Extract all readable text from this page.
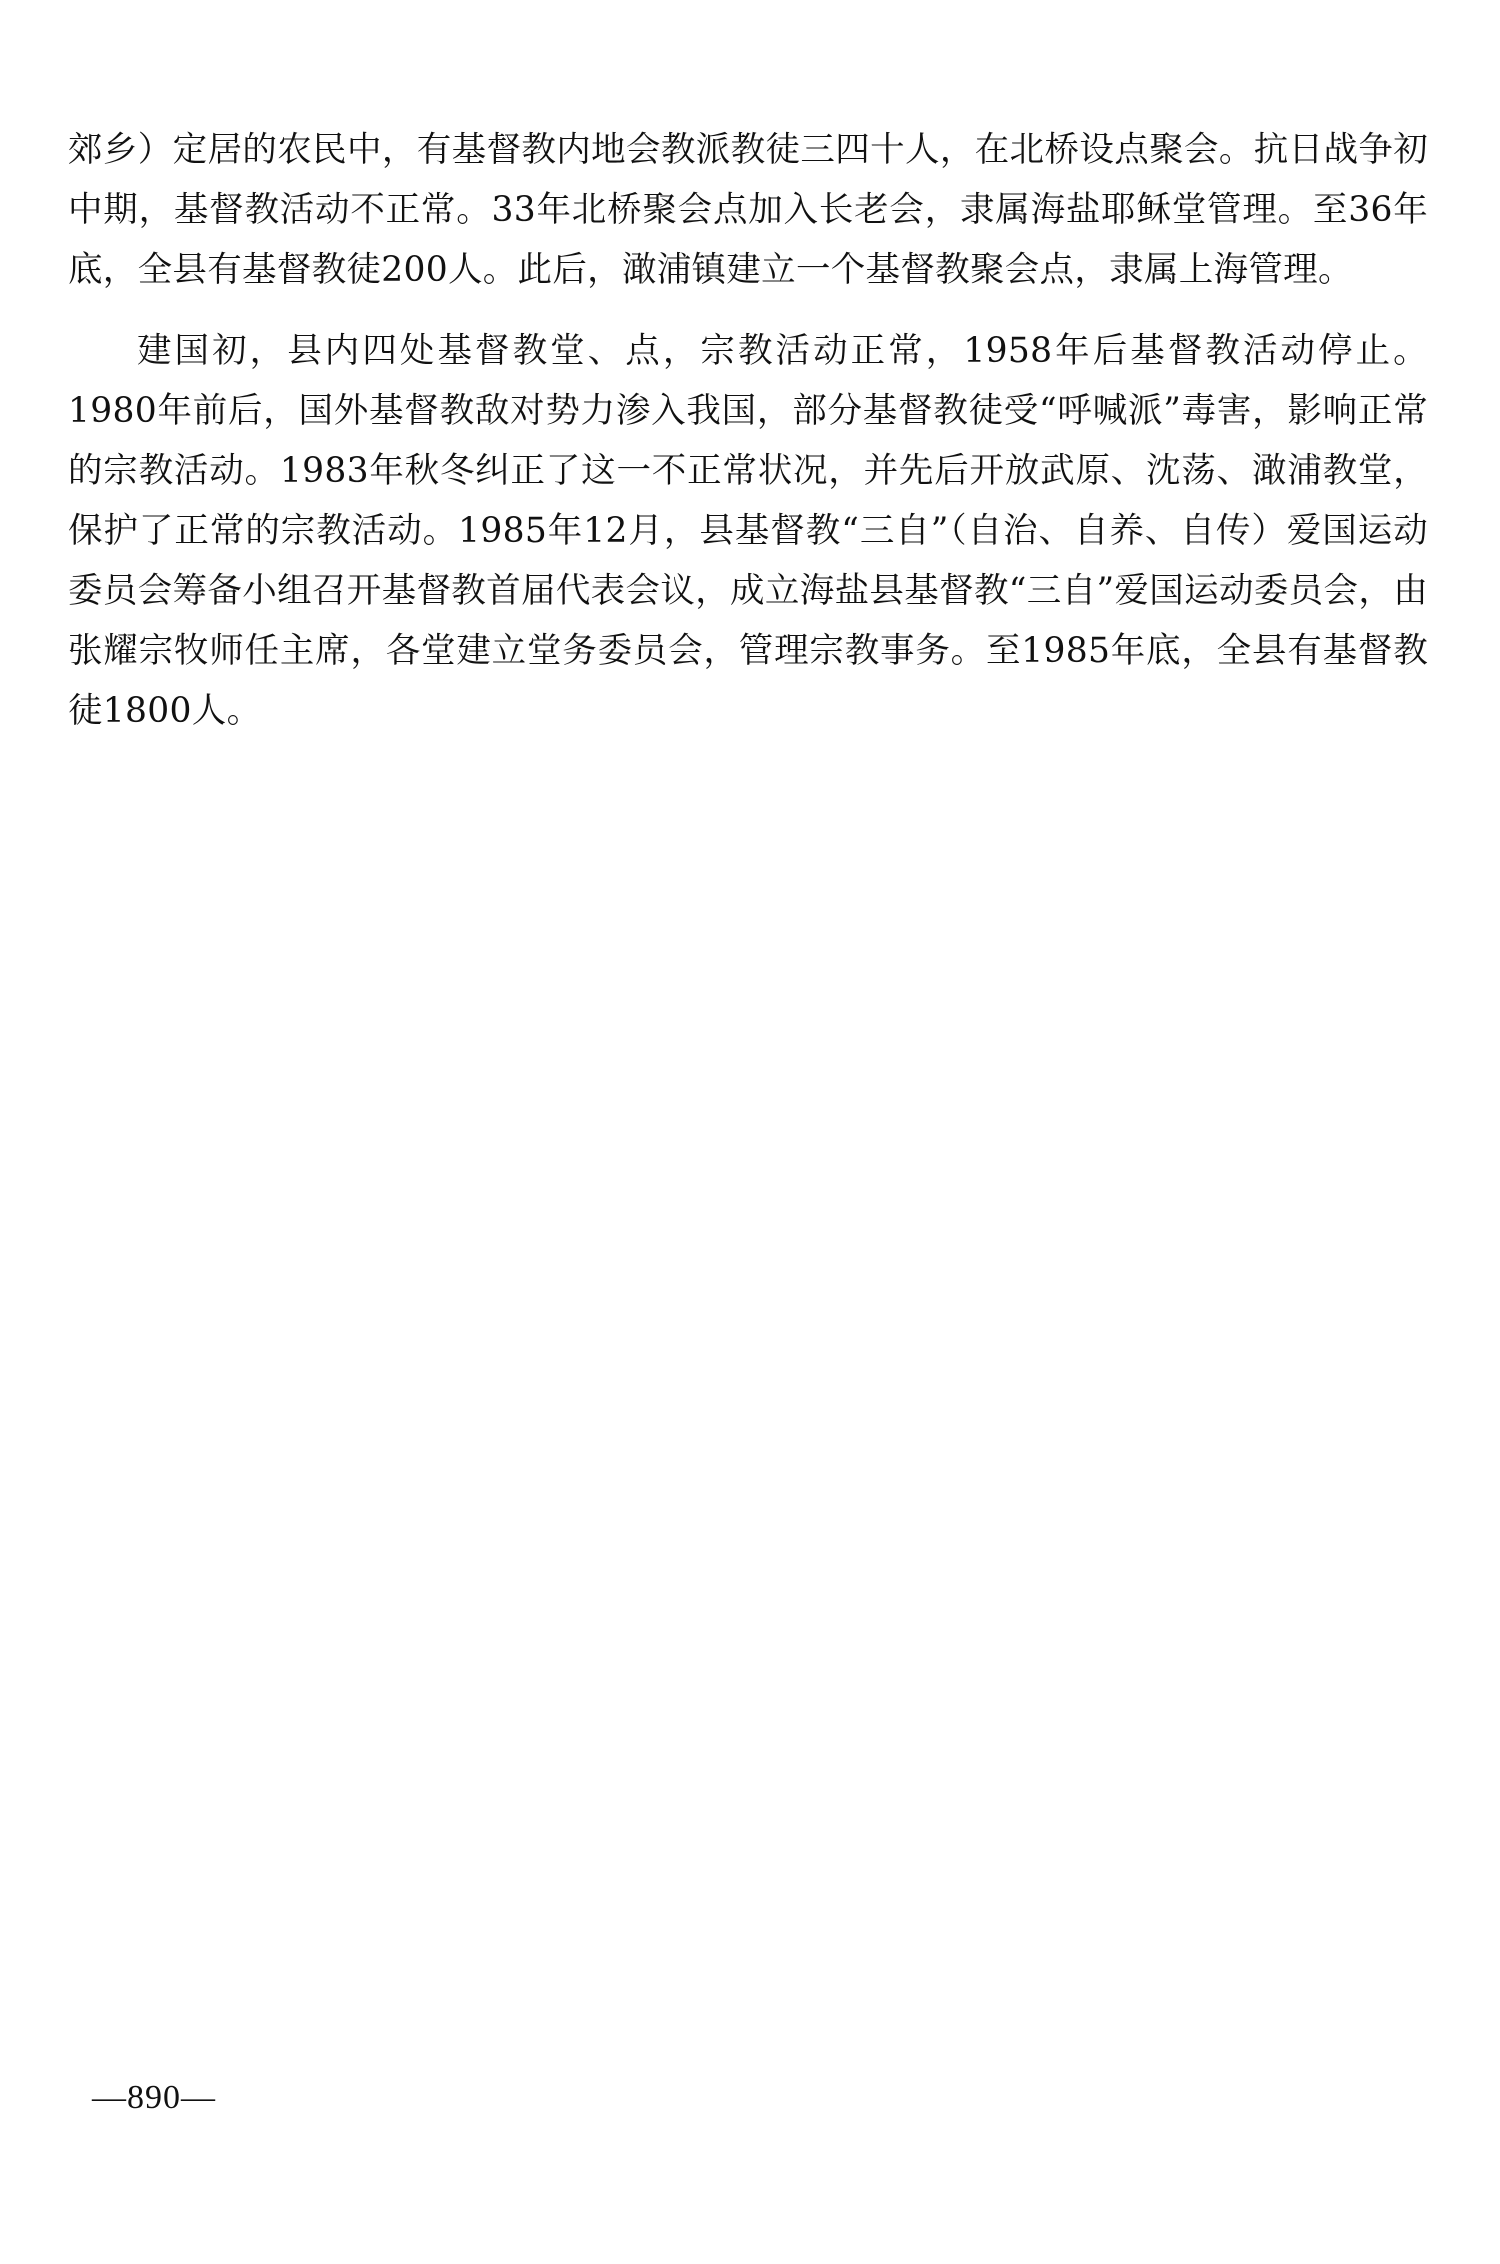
郊乡）定居的农民中，有基督教内地会教派教徒三四十人，在北桥设点聚会。抗日战争初中期，基督教活动不正常。33年北桥聚会点加入长老会，隶属海盐耶稣堂管理。至36年底，全县有基督教徒200人。此后，澉浦镇建立一个基督教聚会点，隶属上海管理。

建国初，县内四处基督教堂、点，宗教活动正常，1958年后基督教活动停止。1980年前后，国外基督教敌对势力渗入我国，部分基督教徒受“呼喊派”毒害，影响正常的宗教活动。1983年秋冬纠正了这一不正常状况，并先后开放武原、沈荡、澉浦教堂，保护了正常的宗教活动。1985年12月，县基督教“三自”（自治、自养、自传）爱国运动委员会筹备小组召开基督教首届代表会议，成立海盐县基督教“三自”爱国运动委员会，由张耀宗牧师任主席，各堂建立堂务委员会，管理宗教事务。至1985年底，全县有基督教徒1800人。

—890—
